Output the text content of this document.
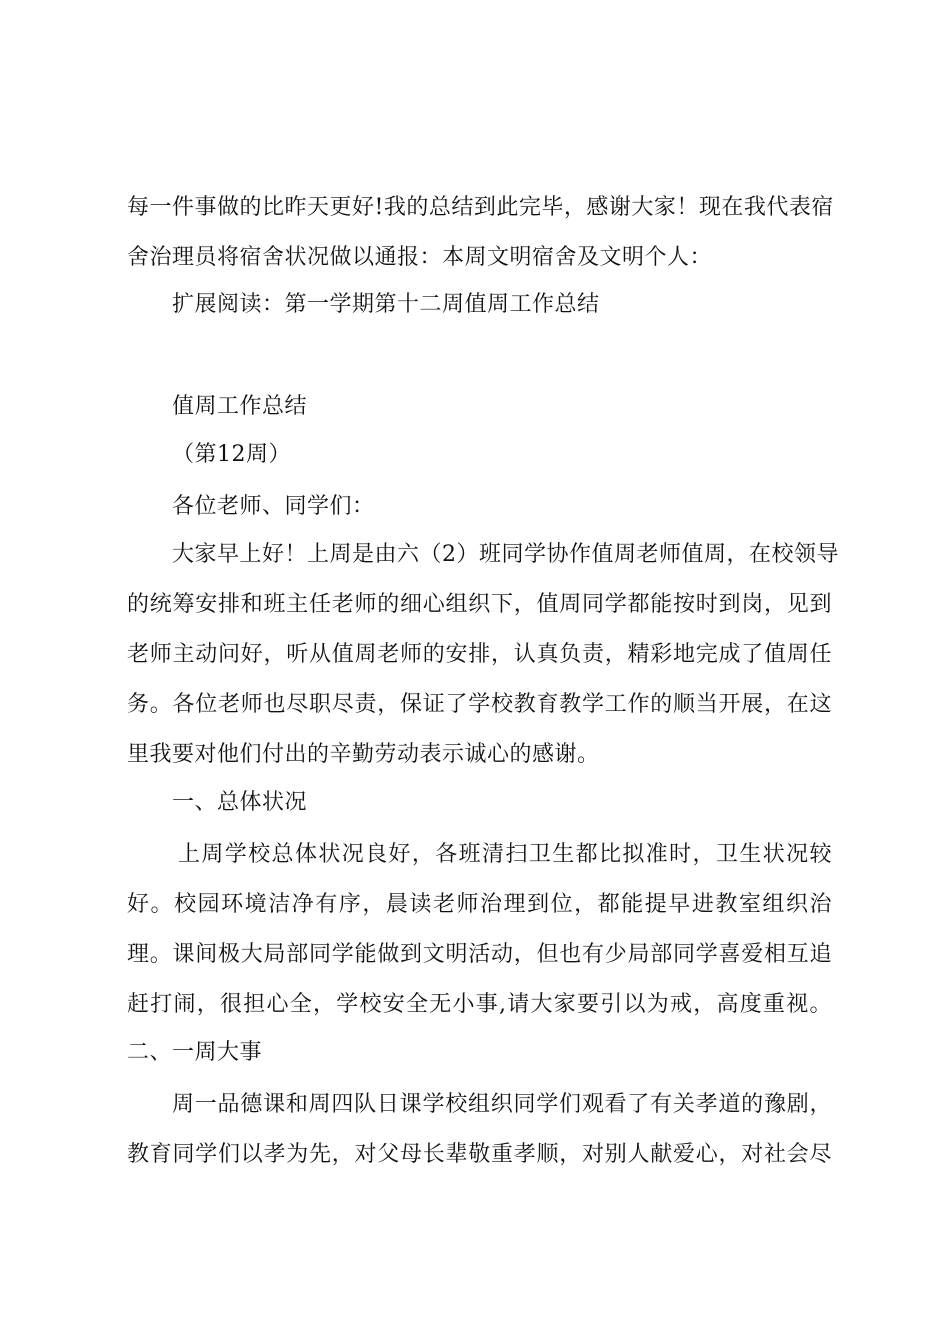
每一件事做的比昨天更好!我的总结到此完毕，感谢大家！现在我代表宿
舍治理员将宿舍状况做以通报：本周文明宿舍及文明个人：
扩展阅读：第一学期第十二周值周工作总结
值周工作总结
（第12周）
各位老师、同学们：
大家早上好！上周是由六（2）班同学协作值周老师值周，在校领导
的统筹安排和班主任老师的细心组织下，值周同学都能按时到岗，见到
老师主动问好，听从值周老师的安排，认真负责，精彩地完成了值周任
务。各位老师也尽职尽责，保证了学校教育教学工作的顺当开展，在这
里我要对他们付出的辛勤劳动表示诚心的感谢。
一、总体状况
上周学校总体状况良好，各班清扫卫生都比拟准时，卫生状况较
好。校园环境洁净有序，晨读老师治理到位，都能提早进教室组织治
理。课间极大局部同学能做到文明活动，但也有少局部同学喜爱相互追
赶打闹，很担心全，学校安全无小事,请大家要引以为戒，高度重视。
二、一周大事
周一品德课和周四队日课学校组织同学们观看了有关孝道的豫剧，
教育同学们以孝为先，对父母长辈敬重孝顺，对别人献爱心，对社会尽
